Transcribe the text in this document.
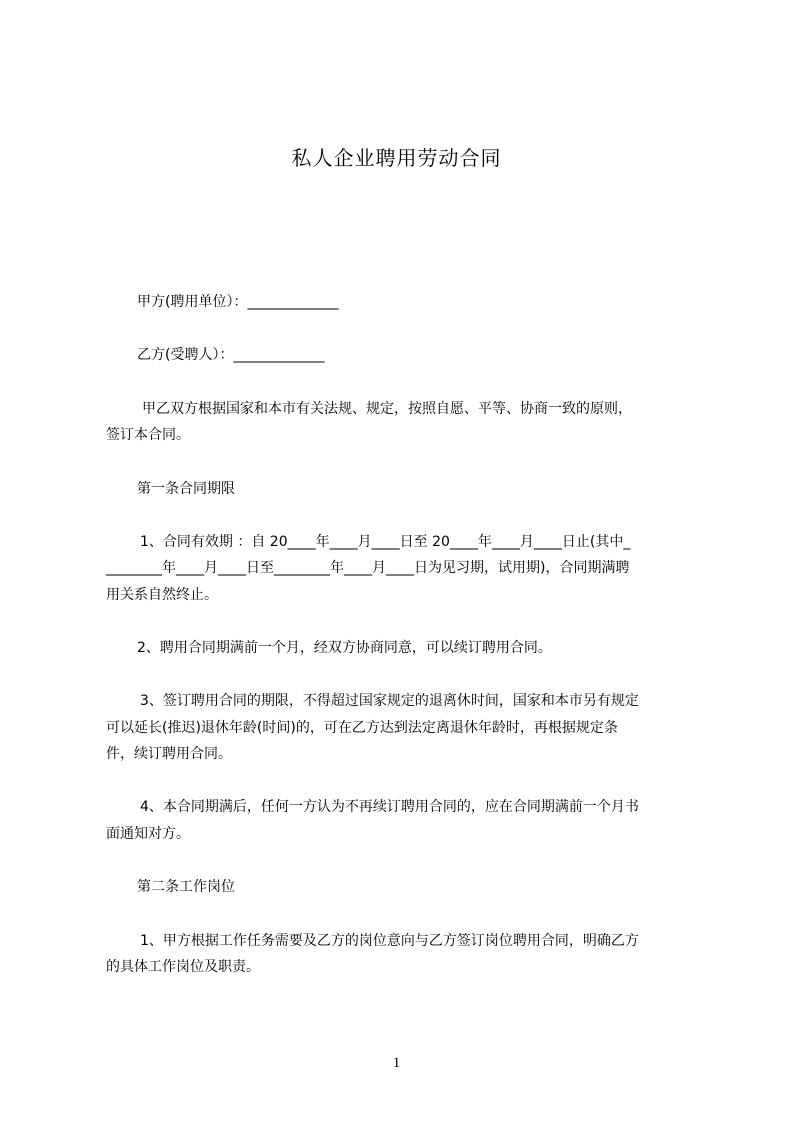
私人企业聘用劳动合同
甲方(聘用单位）：_____________
乙方(受聘人）：_____________
甲乙双方根据国家和本市有关法规、规定，按照自愿、平等、协商一致的原则，
签订本合同。
第一条合同期限
1、合同有效期 ：自 20____年____月____日至 20____年____月____日止(其中_
________年____月____日至________年____月____日为见习期，试用期)，合同期满聘
用关系自然终止。
2、聘用合同期满前一个月，经双方协商同意，可以续订聘用合同。
3、签订聘用合同的期限，不得超过国家规定的退离休时间，国家和本市另有规定
可以延长(推迟)退休年龄(时间)的，可在乙方达到法定离退休年龄时，再根据规定条
件，续订聘用合同。
4、本合同期满后，任何一方认为不再续订聘用合同的，应在合同期满前一个月书
面通知对方。
第二条工作岗位
1、甲方根据工作任务需要及乙方的岗位意向与乙方签订岗位聘用合同，明确乙方
的具体工作岗位及职责。
1
